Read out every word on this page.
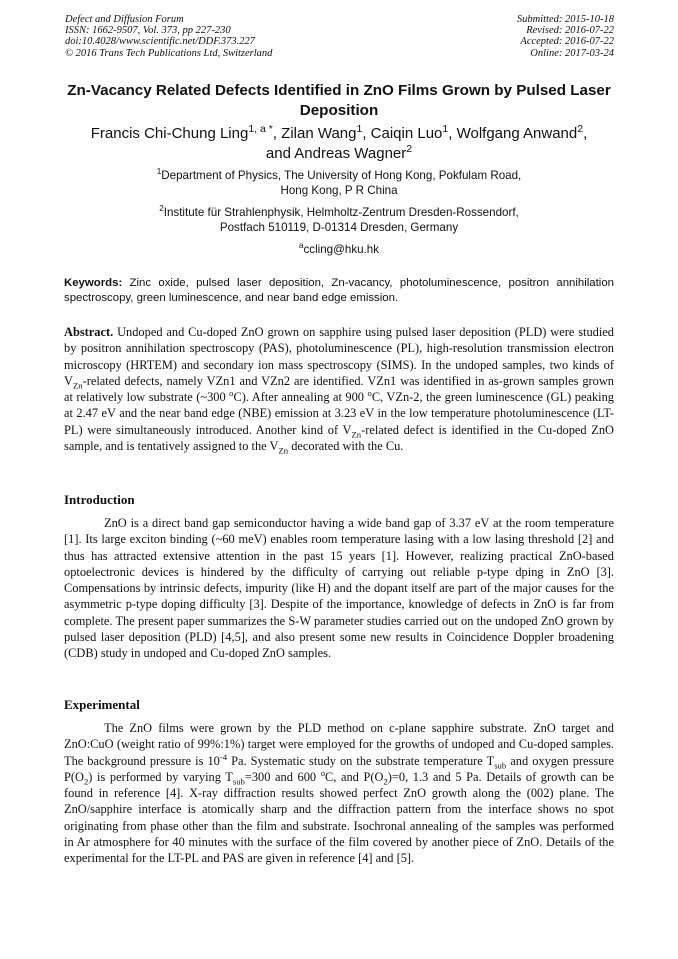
Defect and Diffusion Forum
ISSN: 1662-9507, Vol. 373, pp 227-230
doi:10.4028/www.scientific.net/DDF.373.227
© 2016 Trans Tech Publications Ltd, Switzerland
Submitted: 2015-10-18
Revised: 2016-07-22
Accepted: 2016-07-22
Online: 2017-03-24
Zn-Vacancy Related Defects Identified in ZnO Films Grown by Pulsed Laser Deposition
Francis Chi-Chung Ling$^{1, a *}$, Zilan Wang$^1$, Caiqin Luo$^1$, Wolfgang Anwand$^2$,
and Andreas Wagner$^2$
$^1$Department of Physics, The University of Hong Kong, Pokfulam Road,
Hong Kong, P R China
$^2$Institute für Strahlenphysik, Helmholtz-Zentrum Dresden-Rossendorf,
Postfach 510119, D-01314 Dresden, Germany
$^a$ccling@hku.hk
Keywords: Zinc oxide, pulsed laser deposition, Zn-vacancy, photoluminescence, positron annihilation spectroscopy, green luminescence, and near band edge emission.
Abstract. Undoped and Cu-doped ZnO grown on sapphire using pulsed laser deposition (PLD) were studied by positron annihilation spectroscopy (PAS), photoluminescence (PL), high-resolution transmission electron microscopy (HRTEM) and secondary ion mass spectroscopy (SIMS). In the undoped samples, two kinds of $V_{Zn}$-related defects, namely VZn1 and VZn2 are identified. VZn1 was identified in as-grown samples grown at relatively low substrate (~300 $^o$C). After annealing at 900 $^o$C, VZn-2, the green luminescence (GL) peaking at 2.47 eV and the near band edge (NBE) emission at 3.23 eV in the low temperature photoluminescence (LT-PL) were simultaneously introduced. Another kind of $V_{Zn}$-related defect is identified in the Cu-doped ZnO sample, and is tentatively assigned to the $V_{Zn}$ decorated with the Cu.
Introduction
ZnO is a direct band gap semiconductor having a wide band gap of 3.37 eV at the room temperature [1]. Its large exciton binding (~60 meV) enables room temperature lasing with a low lasing threshold [2] and thus has attracted extensive attention in the past 15 years [1]. However, realizing practical ZnO-based optoelectronic devices is hindered by the difficulty of carrying out reliable p-type dping in ZnO [3]. Compensations by intrinsic defects, impurity (like H) and the dopant itself are part of the major causes for the asymmetric p-type doping difficulty [3]. Despite of the importance, knowledge of defects in ZnO is far from complete. The present paper summarizes the S-W parameter studies carried out on the undoped ZnO grown by pulsed laser deposition (PLD) [4,5], and also present some new results in Coincidence Doppler broadening (CDB) study in undoped and Cu-doped ZnO samples.
Experimental
The ZnO films were grown by the PLD method on c-plane sapphire substrate. ZnO target and ZnO:CuO (weight ratio of 99%:1%) target were employed for the growths of undoped and Cu-doped samples. The background pressure is $10^{-4}$ Pa. Systematic study on the substrate temperature $T_{sub}$ and oxygen pressure $P(O_2)$ is performed by varying $T_{sub}=300$ and 600 $^o$C, and $P(O_2)=0$, 1.3 and 5 Pa. Details of growth can be found in reference [4]. X-ray diffraction results showed perfect ZnO growth along the (002) plane. The ZnO/sapphire interface is atomically sharp and the diffraction pattern from the interface shows no spot originating from phase other than the film and substrate. Isochronal annealing of the samples was performed in Ar atmosphere for 40 minutes with the surface of the film covered by another piece of ZnO. Details of the experimental for the LT-PL and PAS are given in reference [4] and [5].
